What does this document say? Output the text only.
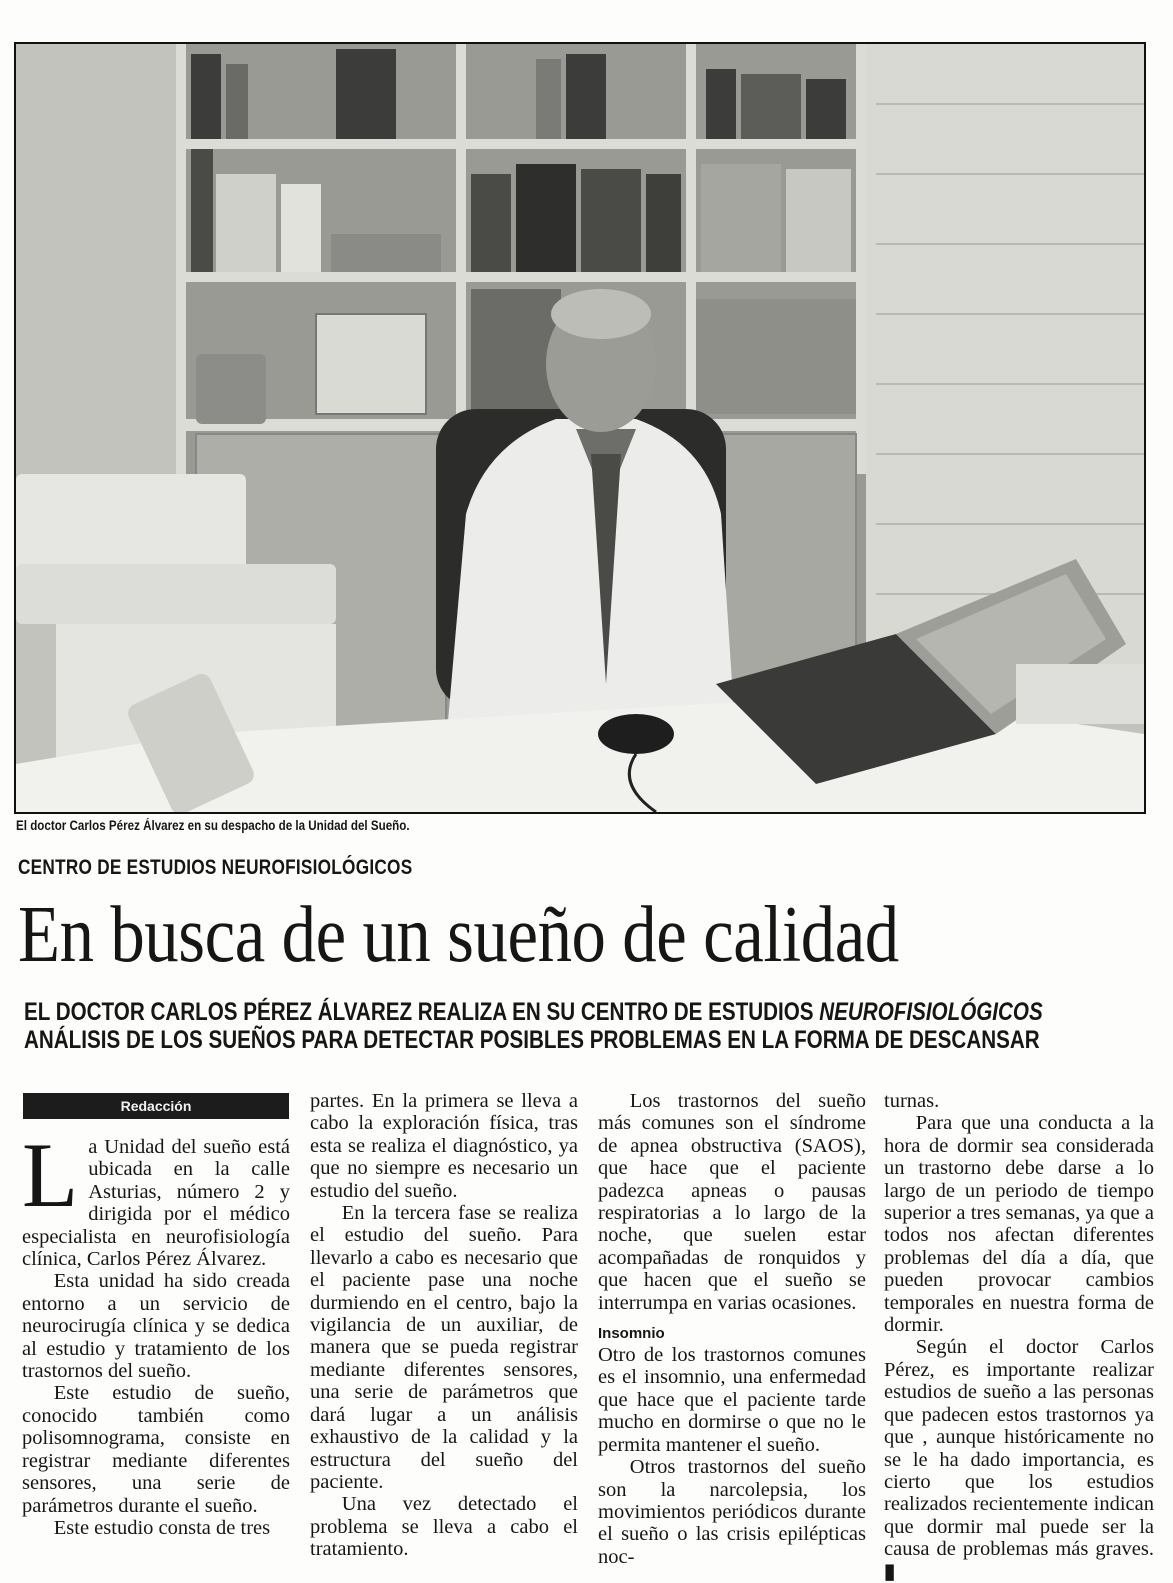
El doctor Carlos Pérez Álvarez en su despacho de la Unidad del Sueño.
CENTRO DE ESTUDIOS NEUROFISIOLÓGICOS
En busca de un sueño de calidad
EL DOCTOR CARLOS PÉREZ ÁLVAREZ REALIZA EN SU CENTRO DE ESTUDIOS NEUROFISIOLÓGICOS
ANÁLISIS DE LOS SUEÑOS PARA DETECTAR POSIBLES PROBLEMAS EN LA FORMA DE DESCANSAR
Redacción

La Unidad del sueño está ubicada en la calle Asturias, número 2 y dirigida por el médico especialista en neurofisiología clínica, Carlos Pérez Álvarez.

Esta unidad ha sido creada entorno a un servicio de neurocirugía clínica y se dedica al estudio y tratamiento de los trastornos del sueño.

Este estudio de sueño, conocido también como polisomnograma, consiste en registrar mediante diferentes sensores, una serie de parámetros durante el sueño.

Este estudio consta de tres

partes. En la primera se lleva a cabo la exploración física, tras esta se realiza el diagnóstico, ya que no siempre es necesario un estudio del sueño.

En la tercera fase se realiza el estudio del sueño. Para llevarlo a cabo es necesario que el paciente pase una noche durmiendo en el centro, bajo la vigilancia de un auxiliar, de manera que se pueda registrar mediante diferentes sensores, una serie de parámetros que dará lugar a un análisis exhaustivo de la calidad y la estructura del sueño del paciente.

Una vez detectado el problema se lleva a cabo el tratamiento.

Los trastornos del sueño más comunes son el síndrome de apnea obstructiva (SAOS), que hace que el paciente padezca apneas o pausas respiratorias a lo largo de la noche, que suelen estar acompañadas de ronquidos y que hacen que el sueño se interrumpa en varias ocasiones.

Insomnio

Otro de los trastornos comunes es el insomnio, una enfermedad que hace que el paciente tarde mucho en dormirse o que no le permita mantener el sueño.

Otros trastornos del sueño son la narcolepsia, los movimientos periódicos durante el sueño o las crisis epilépticas noc-

turnas.

Para que una conducta a la hora de dormir sea considerada un trastorno debe darse a lo largo de un periodo de tiempo superior a tres semanas, ya que a todos nos afectan diferentes problemas del día a día, que pueden provocar cambios temporales en nuestra forma de dormir.

Según el doctor Carlos Pérez, es importante realizar estudios de sueño a las personas que padecen estos trastornos ya que , aunque históricamente no se le ha dado importancia, es cierto que los estudios realizados recientemente indican que dormir mal puede ser la causa de problemas más graves. ▮
